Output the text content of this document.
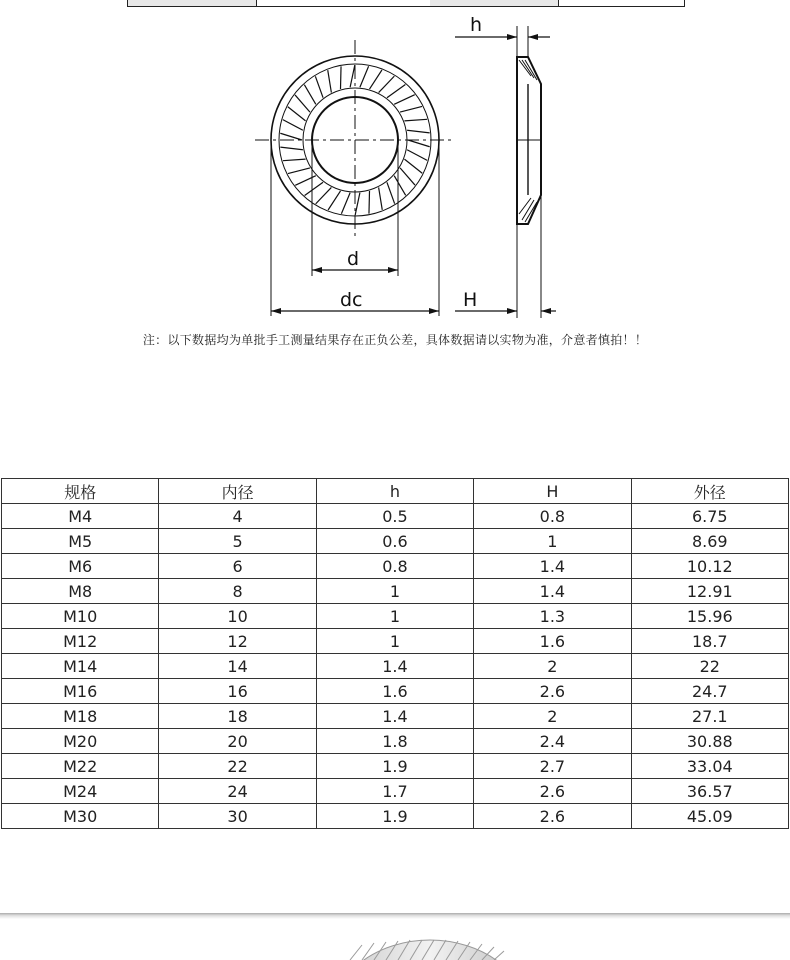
h
d
dc	H
注：以下数据均为单批手工测量结果存在正负公差，具体数据请以实物为准，介意者慎拍！！
规格	内径	h	H	外径
M4	4	0.5	0.8	6.75
M5	5	0.6	1	8.69
M6	6	0.8	1.4	10.12
M8	8	1	1.4	12.91
M10	10	1	1.3	15.96
M12	12	1	1.6	18.7
M14	14	1.4	2	22
M16	16	1.6	2.6	24.7
M18	18	1.4	2	27.1
M20	20	1.8	2.4	30.88
M22	22	1.9	2.7	33.04
M24	24	1.7	2.6	36.57
M30	30	1.9	2.6	45.09
